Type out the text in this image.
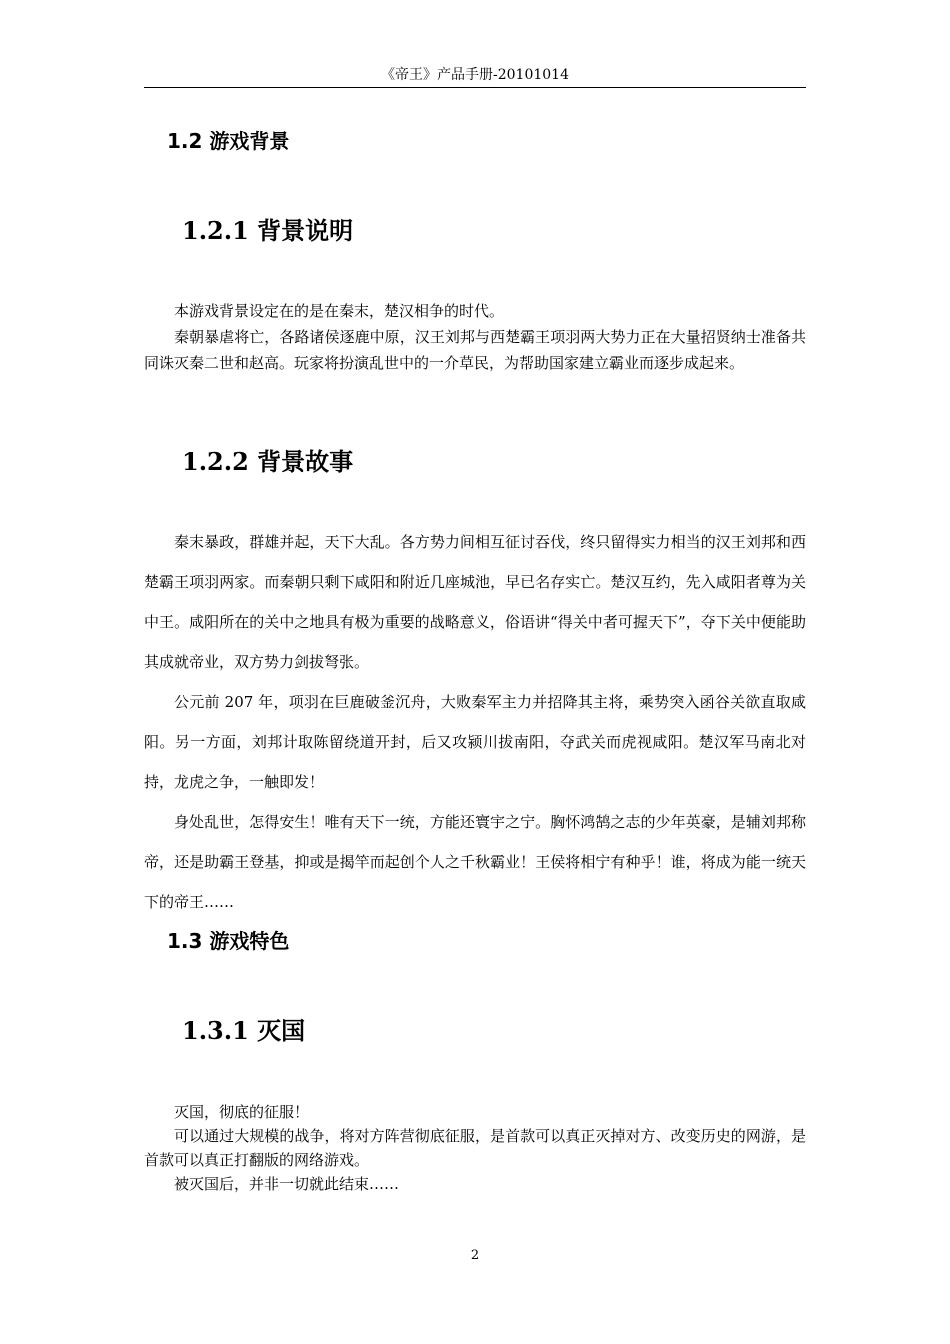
《帝王》产品手册-20101014
1.2 游戏背景
1.2.1 背景说明

本游戏背景设定在的是在秦末，楚汉相争的时代。

秦朝暴虐将亡，各路诸侯逐鹿中原，汉王刘邦与西楚霸王项羽两大势力正在大量招贤纳士准备共同诛灭秦二世和赵高。玩家将扮演乱世中的一介草民，为帮助国家建立霸业而逐步成起来。

1.2.2 背景故事

秦末暴政，群雄并起，天下大乱。各方势力间相互征讨吞伐，终只留得实力相当的汉王刘邦和西楚霸王项羽两家。而秦朝只剩下咸阳和附近几座城池，早已名存实亡。楚汉互约，先入咸阳者尊为关中王。咸阳所在的关中之地具有极为重要的战略意义，俗语讲“得关中者可握天下”，夺下关中便能助其成就帝业，双方势力剑拔弩张。

公元前 207 年，项羽在巨鹿破釜沉舟，大败秦军主力并招降其主将，乘势突入函谷关欲直取咸阳。另一方面，刘邦计取陈留绕道开封，后又攻颍川拔南阳，夺武关而虎视咸阳。楚汉军马南北对持，龙虎之争，一触即发！

身处乱世，怎得安生！唯有天下一统，方能还寰宇之宁。胸怀鸿鹄之志的少年英豪，是辅刘邦称帝，还是助霸王登基，抑或是揭竿而起创个人之千秋霸业！王侯将相宁有种乎！谁，将成为能一统天下的帝王……

1.3 游戏特色
1.3.1 灭国

灭国，彻底的征服！

可以通过大规模的战争，将对方阵营彻底征服，是首款可以真正灭掉对方、改变历史的网游，是首款可以真正打翻版的网络游戏。

被灭国后，并非一切就此结束……

2
